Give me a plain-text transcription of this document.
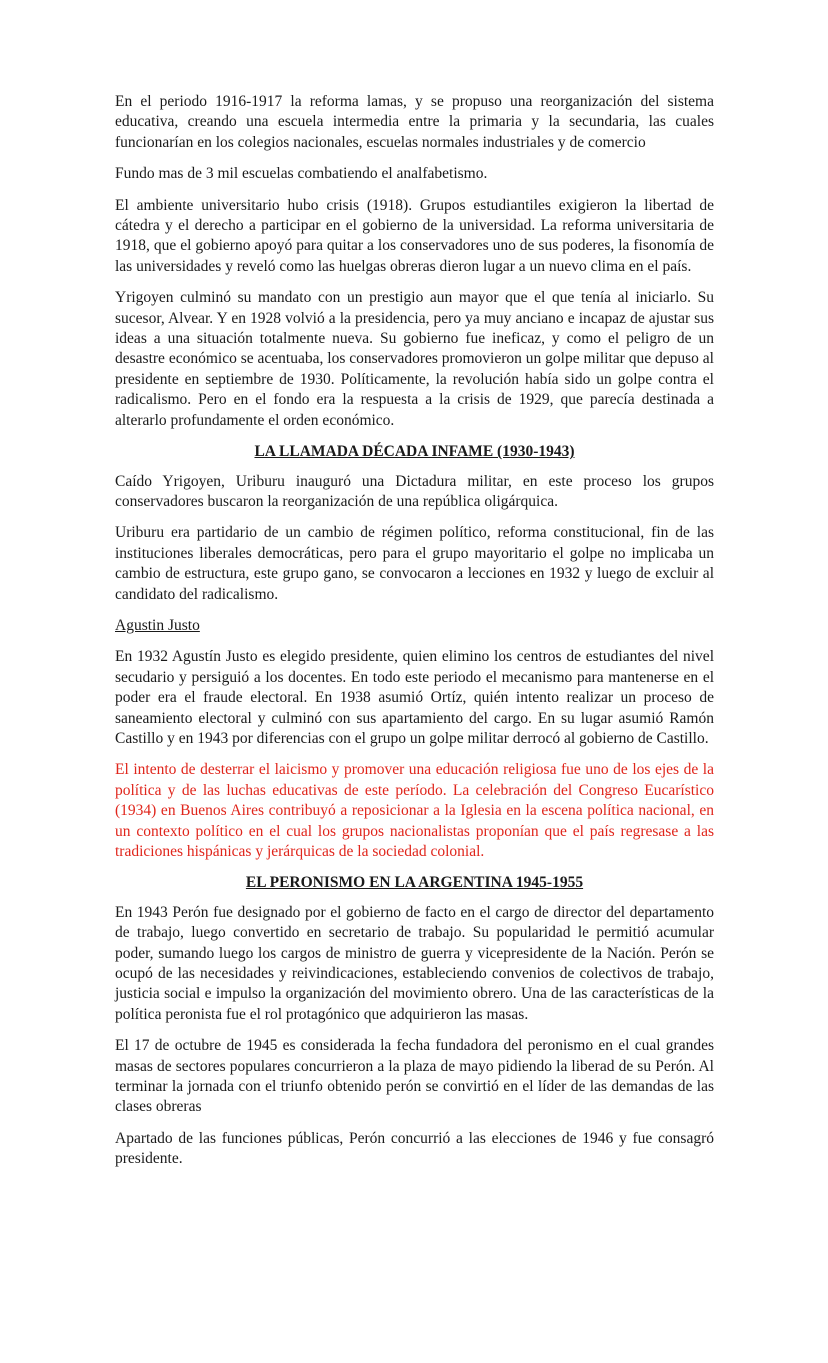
En el periodo 1916-1917 la reforma lamas, y se propuso una reorganización del sistema educativa, creando una escuela intermedia entre la primaria y la secundaria, las cuales funcionarían en los colegios nacionales, escuelas normales industriales y de comercio

Fundo mas de 3 mil escuelas combatiendo el analfabetismo.

El ambiente universitario hubo crisis (1918). Grupos estudiantiles exigieron la libertad de cátedra y el derecho a participar en el gobierno de la universidad. La reforma universitaria de 1918, que el gobierno apoyó para quitar a los conservadores uno de sus poderes, la fisonomía de las universidades y reveló como las huelgas obreras dieron lugar a un nuevo clima en el país.

Yrigoyen culminó su mandato con un prestigio aun mayor que el que tenía al iniciarlo. Su sucesor, Alvear. Y en 1928 volvió a la presidencia, pero ya muy anciano e incapaz de ajustar sus ideas a una situación totalmente nueva. Su gobierno fue ineficaz, y como el peligro de un desastre económico se acentuaba, los conservadores promovieron un golpe militar que depuso al presidente en septiembre de 1930. Políticamente, la revolución había sido un golpe contra el radicalismo. Pero en el fondo era la respuesta a la crisis de 1929, que parecía destinada a alterarlo profundamente el orden económico.

LA LLAMADA DÉCADA INFAME (1930-1943)

Caído Yrigoyen, Uriburu inauguró una Dictadura militar, en este proceso los grupos conservadores buscaron la reorganización de una república oligárquica.

Uriburu era partidario de un cambio de régimen político, reforma constitucional, fin de las instituciones liberales democráticas, pero para el grupo mayoritario el golpe no implicaba un cambio de estructura, este grupo gano, se convocaron a lecciones en 1932 y luego de excluir al candidato del radicalismo.

Agustin Justo

En 1932 Agustín Justo es elegido presidente, quien elimino los centros de estudiantes del nivel secudario y persiguió a los docentes. En todo este periodo el mecanismo para mantenerse en el poder era el fraude electoral. En 1938 asumió Ortíz, quién intento realizar un proceso de saneamiento electoral y culminó con sus apartamiento del cargo. En su lugar asumió Ramón Castillo y en 1943 por diferencias con el grupo un golpe militar derrocó al gobierno de Castillo.

El intento de desterrar el laicismo y promover una educación religiosa fue uno de los ejes de la política y de las luchas educativas de este período. La celebración del Congreso Eucarístico (1934) en Buenos Aires contribuyó a reposicionar a la Iglesia en la escena política nacional, en un contexto político en el cual los grupos nacionalistas proponían que el país regresase a las tradiciones hispánicas y jerárquicas de la sociedad colonial.

EL PERONISMO EN LA ARGENTINA 1945-1955

En 1943 Perón fue designado por el gobierno de facto en el cargo de director del departamento de trabajo, luego convertido en secretario de trabajo. Su popularidad le permitió acumular poder, sumando luego los cargos de ministro de guerra y vicepresidente de la Nación. Perón se ocupó de las necesidades y reivindicaciones, estableciendo convenios de colectivos de trabajo, justicia social e impulso la organización del movimiento obrero. Una de las características de la política peronista fue el rol protagónico que adquirieron las masas.

El 17 de octubre de 1945 es considerada la fecha fundadora del peronismo en el cual grandes masas de sectores populares concurrieron a la plaza de mayo pidiendo la liberad de su Perón. Al terminar la jornada con el triunfo obtenido perón se convirtió en el líder de las demandas de las clases obreras

Apartado de las funciones públicas, Perón concurrió a las elecciones de 1946 y fue consagró presidente.
